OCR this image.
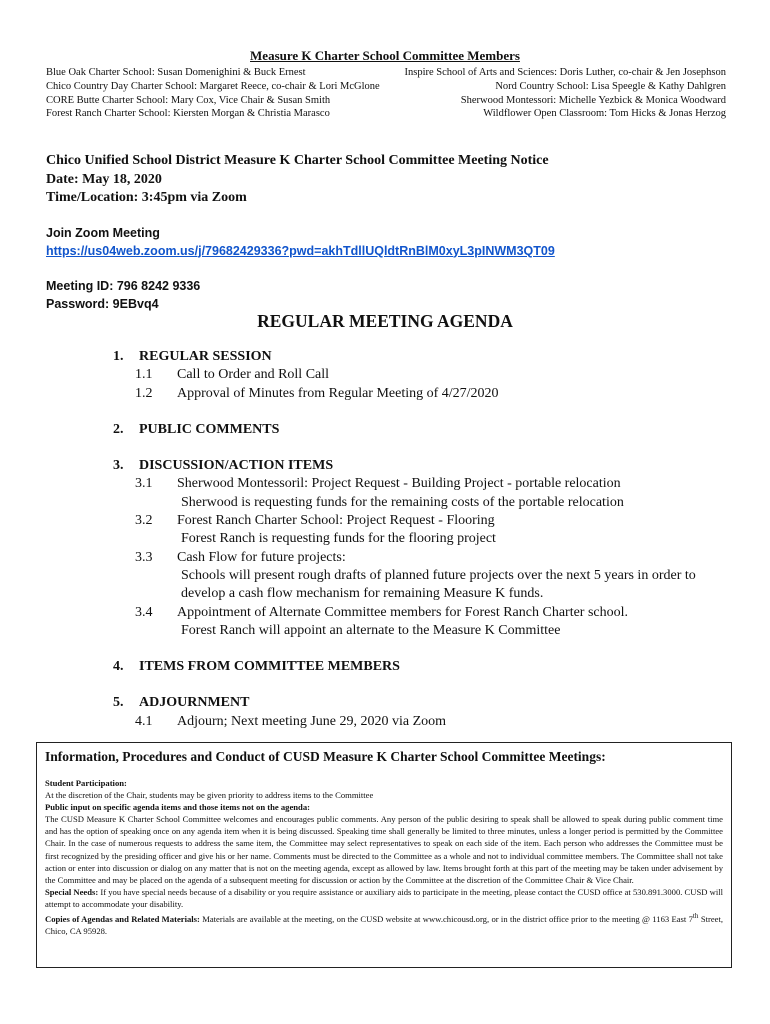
Measure K Charter School Committee Members
Blue Oak Charter School: Susan Domenighini & Buck Ernest	Inspire School of Arts and Sciences: Doris Luther, co-chair & Jen Josephson
Chico Country Day Charter School: Margaret Reece, co-chair & Lori McGlone	Nord Country School: Lisa Speegle & Kathy Dahlgren
CORE Butte Charter School: Mary Cox, Vice Chair & Susan Smith	Sherwood Montessori: Michelle Yezbick & Monica Woodward
Forest Ranch Charter School: Kiersten Morgan & Christia Marasco	Wildflower Open Classroom: Tom Hicks & Jonas Herzog
Chico Unified School District Measure K Charter School Committee Meeting Notice
Date: May 18, 2020
Time/Location: 3:45pm via Zoom
Join Zoom Meeting
https://us04web.zoom.us/j/79682429336?pwd=akhTdllUQldtRnBlM0xyL3pINWM3QT09
Meeting ID: 796 8242 9336
Password: 9EBvq4
REGULAR MEETING AGENDA
1.	REGULAR SESSION
1.1	Call to Order and Roll Call
1.2	Approval of Minutes from Regular Meeting of 4/27/2020
2.	PUBLIC COMMENTS
3.	DISCUSSION/ACTION ITEMS
3.1	Sherwood Montessoril: Project Request - Building Project - portable relocation
Sherwood is requesting funds for the remaining costs of the portable relocation
3.2	Forest Ranch Charter School: Project Request - Flooring
Forest Ranch is requesting funds for the flooring project
3.3	Cash Flow for future projects:
Schools will present rough drafts of planned future projects over the next 5 years in order to
develop a cash flow mechanism for remaining Measure K funds.
3.4	Appointment of Alternate Committee members for Forest Ranch Charter school.
Forest Ranch will appoint an alternate to the Measure K Committee
4.	ITEMS FROM COMMITTEE MEMBERS
5.	ADJOURNMENT
4.1	Adjourn; Next meeting June 29, 2020 via Zoom
Information, Procedures and Conduct of CUSD Measure K Charter School Committee Meetings:
Student Participation:
At the discretion of the Chair, students may be given priority to address items to the Committee
Public input on specific agenda items and those items not on the agenda:
The CUSD Measure K Charter School Committee welcomes and encourages public comments. Any person of the public desiring to speak shall be allowed to speak during public comment time and has the option of speaking once on any agenda item when it is being discussed. Speaking time shall generally be limited to three minutes, unless a longer period is permitted by the Committee Chair. In the case of numerous requests to address the same item, the Committee may select representatives to speak on each side of the item. Each person who addresses the Committee must be first recognized by the presiding officer and give his or her name. Comments must be directed to the Committee as a whole and not to individual committee members. The Committee shall not take action or enter into discussion or dialog on any matter that is not on the meeting agenda, except as allowed by law. Items brought forth at this part of the meeting may be taken under advisement by the Committee and may be placed on the agenda of a subsequent meeting for discussion or action by the Committee at the discretion of the Committee Chair & Vice Chair.
Special Needs: If you have special needs because of a disability or you require assistance or auxiliary aids to participate in the meeting, please contact the CUSD office at 530.891.3000. CUSD will attempt to accommodate your disability.
Copies of Agendas and Related Materials: Materials are available at the meeting, on the CUSD website at www.chicousd.org, or in the district office prior to the meeting @ 1163 East 7th Street, Chico, CA 95928.
